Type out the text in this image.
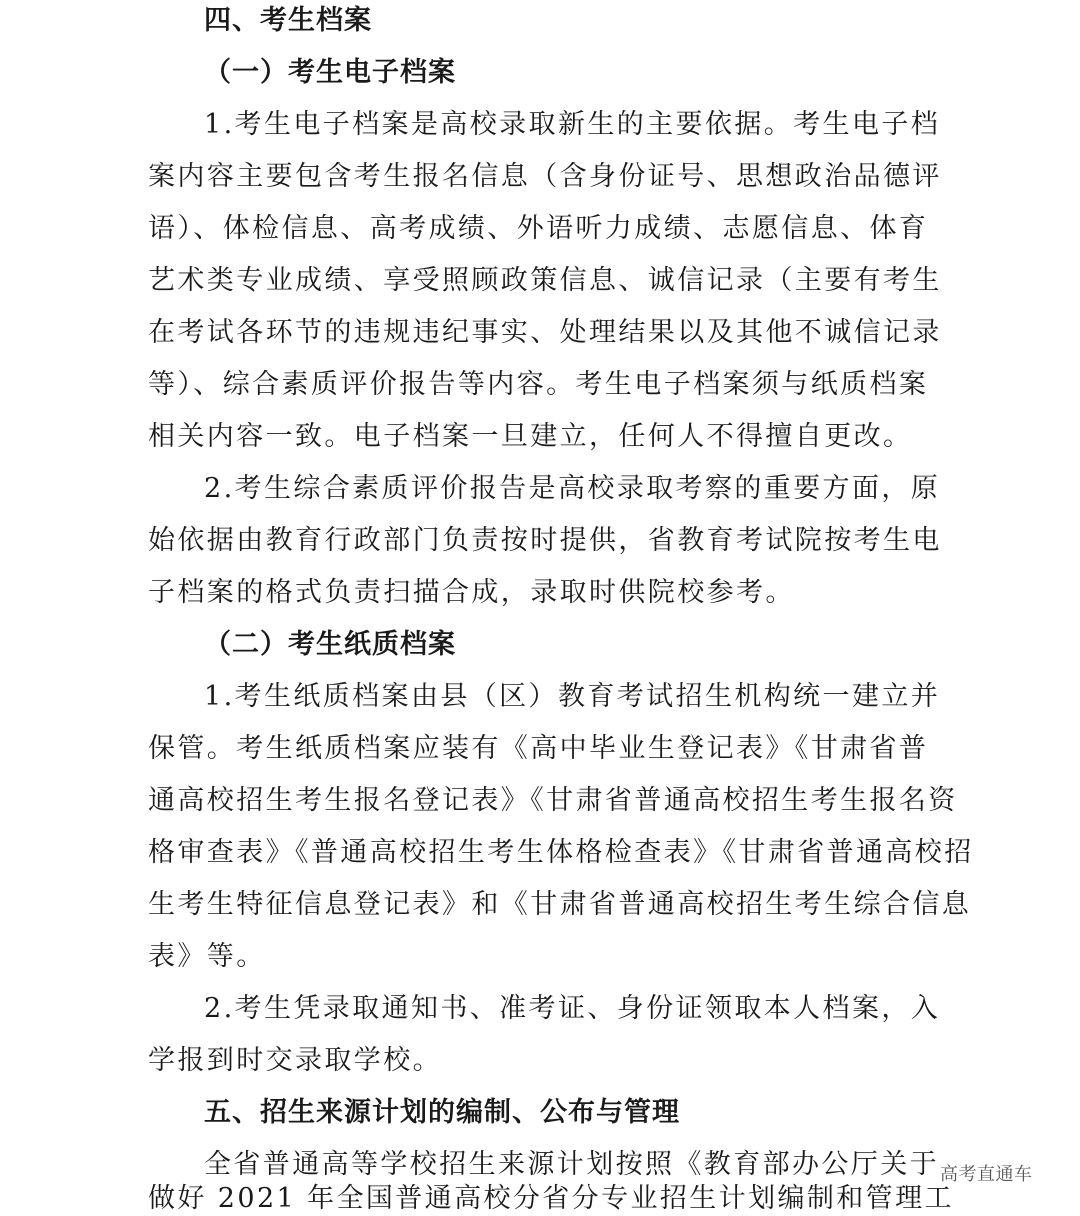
四、考生档案
（一）考生电子档案
1.考生电子档案是高校录取新生的主要依据。考生电子档
案内容主要包含考生报名信息（含身份证号、思想政治品德评
语）、体检信息、高考成绩、外语听力成绩、志愿信息、体育
艺术类专业成绩、享受照顾政策信息、诚信记录（主要有考生
在考试各环节的违规违纪事实、处理结果以及其他不诚信记录
等）、综合素质评价报告等内容。考生电子档案须与纸质档案
相关内容一致。电子档案一旦建立，任何人不得擅自更改。
2.考生综合素质评价报告是高校录取考察的重要方面，原
始依据由教育行政部门负责按时提供，省教育考试院按考生电
子档案的格式负责扫描合成，录取时供院校参考。
（二）考生纸质档案
1.考生纸质档案由县（区）教育考试招生机构统一建立并
保管。考生纸质档案应装有《高中毕业生登记表》《甘肃省普
通高校招生考生报名登记表》《甘肃省普通高校招生考生报名资
格审查表》《普通高校招生考生体格检查表》《甘肃省普通高校招
生考生特征信息登记表》和《甘肃省普通高校招生考生综合信息
表》等。
2.考生凭录取通知书、准考证、身份证领取本人档案，入
学报到时交录取学校。
五、招生来源计划的编制、公布与管理
全省普通高等学校招生来源计划按照《教育部办公厅关于
做好 2021 年全国普通高校分省分专业招生计划编制和管理工
高考直通车
